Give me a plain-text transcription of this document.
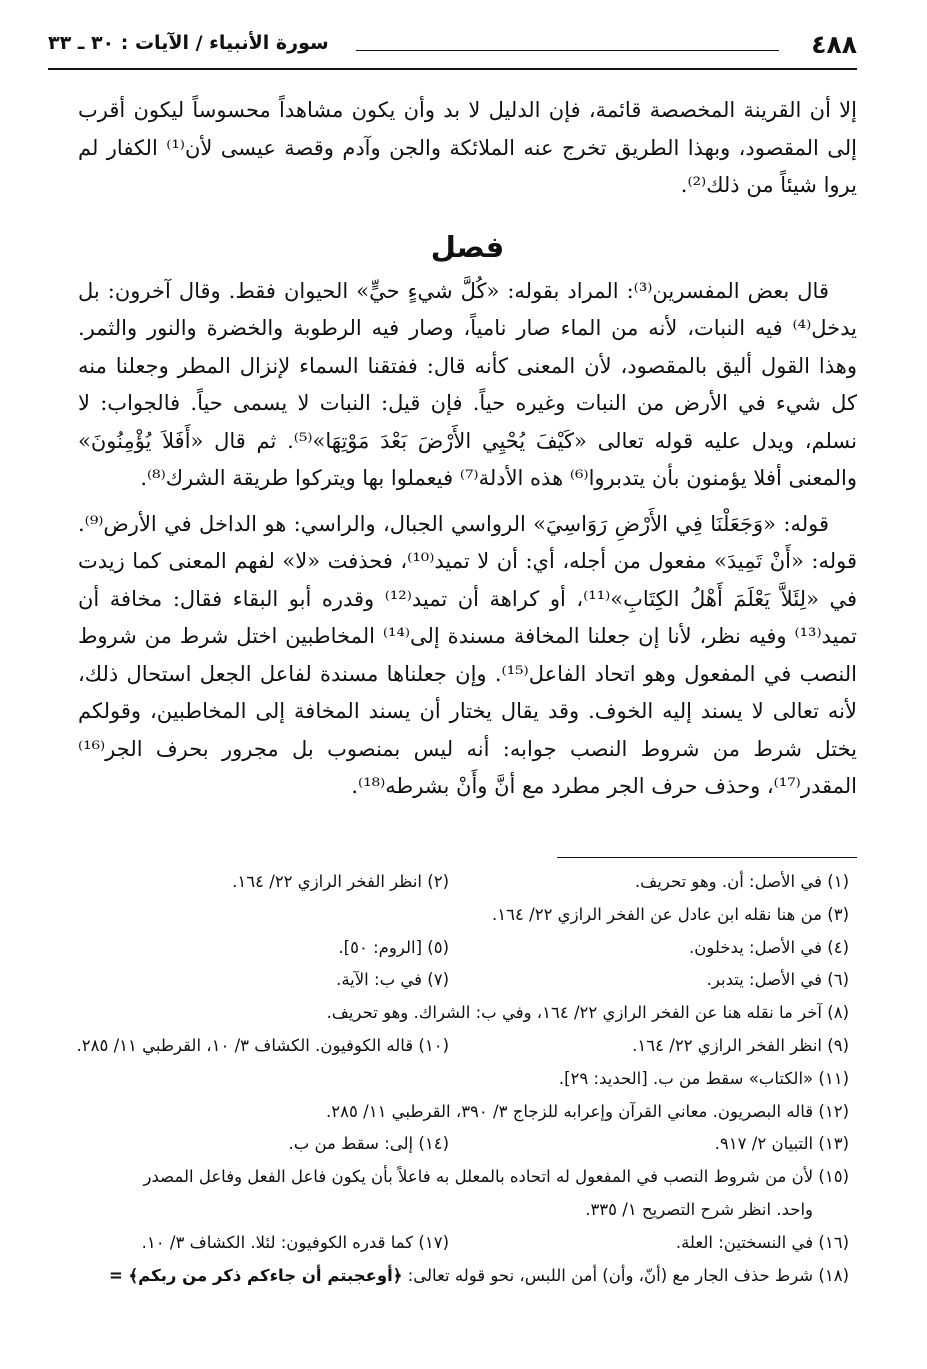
٤٨٨
سورة الأنبياء / الآيات : ٣٠ ـ ٣٣

إلا أن القرينة المخصصة قائمة، فإن الدليل لا بد وأن يكون مشاهداً محسوساً ليكون أقرب إلى المقصود، وبهذا الطريق تخرج عنه الملائكة والجن وآدم وقصة عيسى لأن⁽¹⁾ الكفار لم يروا شيئاً من ذلك⁽²⁾.

فصل

قال بعض المفسرين⁽³⁾: المراد بقوله: «كُلَّ شيءٍ حيٍّ» الحيوان فقط. وقال آخرون: بل يدخل⁽⁴⁾ فيه النبات، لأنه من الماء صار نامياً، وصار فيه الرطوبة والخضرة والنور والثمر. وهذا القول أليق بالمقصود، لأن المعنى كأنه قال: ففتقنا السماء لإنزال المطر وجعلنا منه كل شيء في الأرض من النبات وغيره حياً. فإن قيل: النبات لا يسمى حياً. فالجواب: لا نسلم، ويدل عليه قوله تعالى «كَيْفَ يُحْيِي الأَرْضَ بَعْدَ مَوْتِهَا»⁽⁵⁾. ثم قال «أَفَلاَ يُؤْمِنُونَ» والمعنى أفلا يؤمنون بأن يتدبروا⁽⁶⁾ هذه الأدلة⁽⁷⁾ فيعملوا بها ويتركوا طريقة الشرك⁽⁸⁾.

قوله: «وَجَعَلْنَا فِي الأَرْضِ رَوَاسِيَ» الرواسي الجبال، والراسي: هو الداخل في الأرض⁽⁹⁾. قوله: «أَنْ تَمِيدَ» مفعول من أجله، أي: أن لا تميد⁽¹⁰⁾، فحذفت «لا» لفهم المعنى كما زيدت في «لِئَلاَّ يَعْلَمَ أَهْلُ الكِتَابِ»⁽¹¹⁾، أو كراهة أن تميد⁽¹²⁾ وقدره أبو البقاء فقال: مخافة أن تميد⁽¹³⁾ وفيه نظر، لأنا إن جعلنا المخافة مسندة إلى⁽¹⁴⁾ المخاطبين اختل شرط من شروط النصب في المفعول وهو اتحاد الفاعل⁽¹⁵⁾. وإن جعلناها مسندة لفاعل الجعل استحال ذلك، لأنه تعالى لا يسند إليه الخوف. وقد يقال يختار أن يسند المخافة إلى المخاطبين، وقولكم يختل شرط من شروط النصب جوابه: أنه ليس بمنصوب بل مجرور بحرف الجر⁽¹⁶⁾ المقدر⁽¹⁷⁾، وحذف حرف الجر مطرد مع أنَّ وأَنْ بشرطه⁽¹⁸⁾.

(١) في الأصل: أن. وهو تحريف.
(٢) انظر الفخر الرازي ٢٢/ ١٦٤.
(٣) من هنا نقله ابن عادل عن الفخر الرازي ٢٢/ ١٦٤.
(٤) في الأصل: يدخلون.
(٥) [الروم: ٥٠].
(٦) في الأصل: يتدبر.
(٧) في ب: الآية.
(٨) آخر ما نقله هنا عن الفخر الرازي ٢٢/ ١٦٤، وفي ب: الشراك. وهو تحريف.
(٩) انظر الفخر الرازي ٢٢/ ١٦٤.
(١٠) قاله الكوفيون. الكشاف ٣/ ١٠، القرطبي ١١/ ٢٨٥.
(١١) «الكتاب» سقط من ب. [الحديد: ٢٩].
(١٢) قاله البصريون. معاني القرآن وإعرابه للزجاج ٣/ ٣٩٠، القرطبي ١١/ ٢٨٥.
(١٣) التبيان ٢/ ٩١٧.
(١٤) إلى: سقط من ب.
(١٥) لأن من شروط النصب في المفعول له اتحاده بالمعلل به فاعلاً بأن يكون فاعل الفعل وفاعل المصدر
واحد. انظر شرح التصريح ١/ ٣٣٥.
(١٦) في النسختين: العلة.
(١٧) كما قدره الكوفيون: لئلا. الكشاف ٣/ ١٠.
(١٨) شرط حذف الجار مع (أنّ، وأن) أمن اللبس، نحو قوله تعالى: ﴿أوعجبتم أن جاءكم ذكر من ربكم﴾ =
